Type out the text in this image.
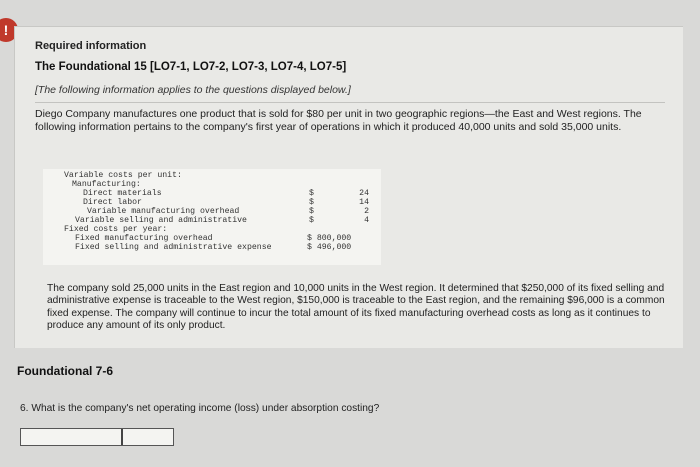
!
Required information
The Foundational 15 [LO7-1, LO7-2, LO7-3, LO7-4, LO7-5]
[The following information applies to the questions displayed below.]
Diego Company manufactures one product that is sold for $80 per unit in two geographic regions—the East and West regions. The following information pertains to the company's first year of operations in which it produced 40,000 units and sold 35,000 units.
Variable costs per unit:
Manufacturing:
Direct materials	$	24
Direct labor	$	14
Variable manufacturing overhead	$	2
Variable selling and administrative	$	4
Fixed costs per year:
Fixed manufacturing overhead	$ 800,000
Fixed selling and administrative expense	$ 496,000
The company sold 25,000 units in the East region and 10,000 units in the West region. It determined that $250,000 of its fixed selling and administrative expense is traceable to the West region, $150,000 is traceable to the East region, and the remaining $96,000 is a common fixed expense. The company will continue to incur the total amount of its fixed manufacturing overhead costs as long as it continues to produce any amount of its only product.
Foundational 7-6
6. What is the company's net operating income (loss) under absorption costing?
